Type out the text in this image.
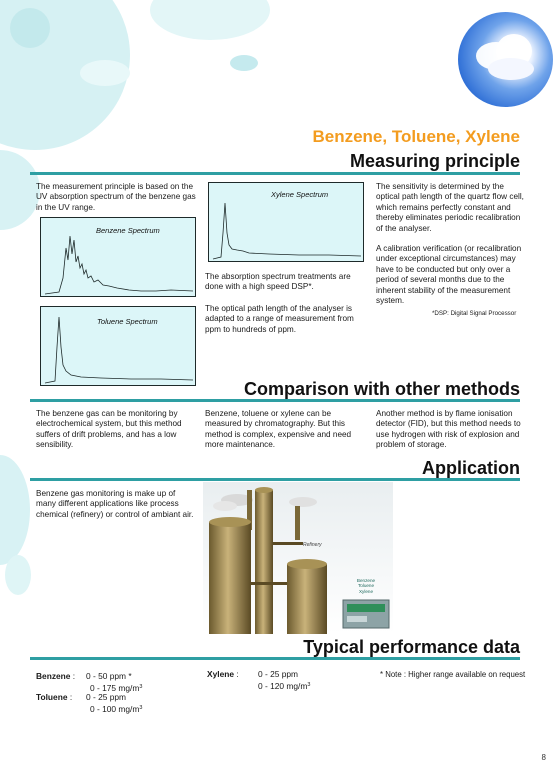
Benzene, Toluene, Xylene
Measuring principle
The measurement principle is based on the UV absorption spectrum of the benzene gas in the UV range.
Benzene Spectrum
Toluene Spectrum
Xylene Spectrum
The absorption spectrum treatments are done with a high speed DSP*.
The optical path length of the analyser is adapted to a range of measurement from ppm to hundreds of ppm.
The sensitivity is determined by the optical path length of the quartz flow cell, which remains perfectly constant and thereby eliminates periodic recalibration of the analyser.
A calibration verification (or recalibration under exceptional circumstances) may have to be conducted but only over a period of several months due to the inherent stability of the measurement system.
*DSP: Digital Signal Processor
Comparison with other methods
The benzene gas can be monitoring by electrochemical system, but this method suffers of drift problems, and has a low sensibility.
Benzene, toluene or xylene can be measured by chromatography. But this method is complex, expensive and need more maintenance.
Another method is by flame ionisation detector (FID), but this method needs to use hydrogen with risk of explosion and problem of storage.
Application
Benzene gas monitoring is make up of many different applications like process chemical (refinery) or control of ambiant air.
Refinery
Benzene
Toluene
Xylene
Typical performance data
Benzene : 0 - 50 ppm *
0 - 175 $mg/m^3$
Toluene : 0 - 25 ppm
0 - 100 $mg/m^3$
Xylene : 0 - 25 ppm
0 - 120 $mg/m^3$
* Note : Higher range available on request
8
